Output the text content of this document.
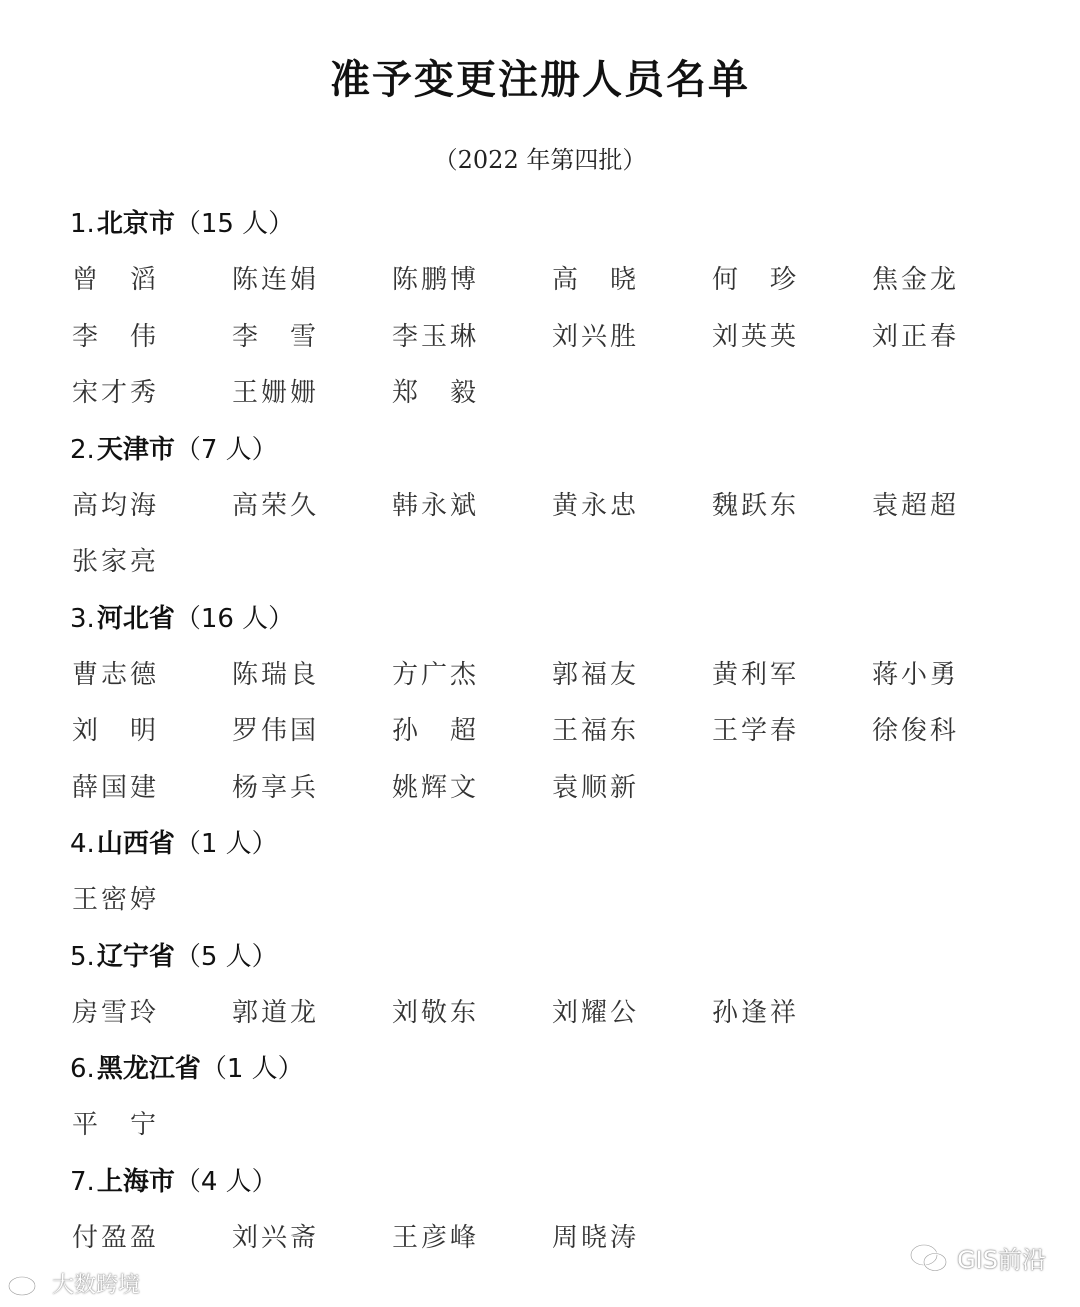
准予变更注册人员名单
（2022 年第四批）
1.北京市（15 人）
曾 滔	陈连娟	陈鹏博	高 晓	何 珍	焦金龙
李 伟	李 雪	李玉琳	刘兴胜	刘英英	刘正春
宋才秀	王姗姗	郑 毅
2.天津市（7 人）
高均海	高荣久	韩永斌	黄永忠	魏跃东	袁超超
张家亮
3.河北省（16 人）
曹志德	陈瑞良	方广杰	郭福友	黄利军	蒋小勇
刘 明	罗伟国	孙 超	王福东	王学春	徐俊科
薛国建	杨享兵	姚辉文	袁顺新
4.山西省（1 人）
王密婷
5.辽宁省（5 人）
房雪玲	郭道龙	刘敬东	刘耀公	孙逢祥
6.黑龙江省（1 人）
平 宁
7.上海市（4 人）
付盈盈	刘兴斋	王彦峰	周晓涛
大数跨境
GIS前沿
